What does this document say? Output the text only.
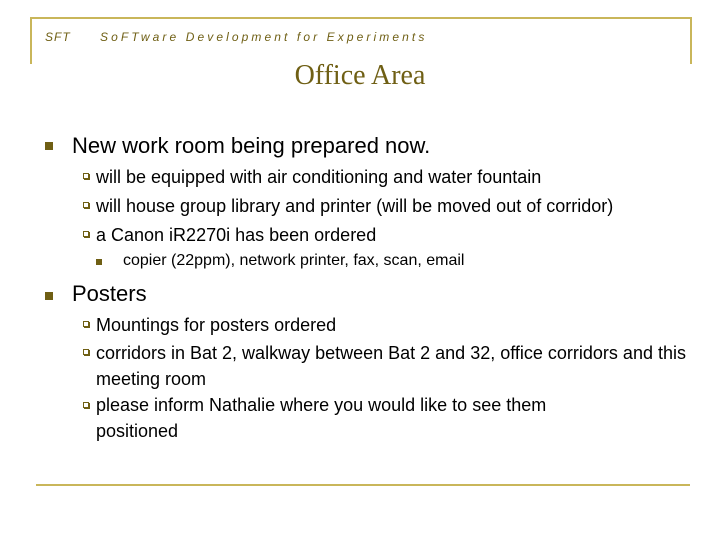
SFT SoFTware Development for Experiments
Office Area
New work room being prepared now.
will be equipped with air conditioning and water fountain
will house group library and printer (will be moved out of corridor)
a Canon iR2270i has been ordered
copier (22ppm), network printer, fax, scan, email
Posters
Mountings for posters ordered
corridors in Bat 2, walkway between Bat 2 and 32, office corridors and this meeting room
please inform Nathalie where you would like to see them positioned
